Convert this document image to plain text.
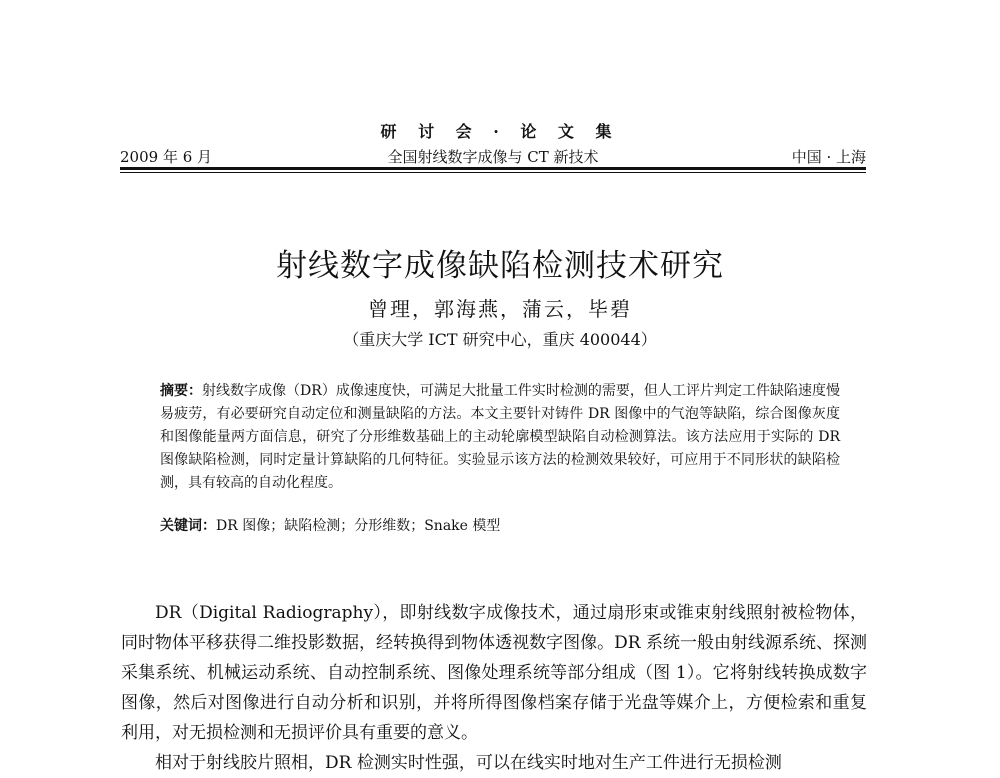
研 讨 会 · 论 文 集
2009 年 6 月	全国射线数字成像与 CT 新技术	中国 · 上海
射线数字成像缺陷检测技术研究
曾理，郭海燕，蒲云，毕碧
（重庆大学 ICT 研究中心，重庆 400044）
摘要：射线数字成像（DR）成像速度快，可满足大批量工件实时检测的需要，但人工评片判定工件缺陷速度慢易疲劳，有必要研究自动定位和测量缺陷的方法。本文主要针对铸件 DR 图像中的气泡等缺陷，综合图像灰度和图像能量两方面信息，研究了分形维数基础上的主动轮廓模型缺陷自动检测算法。该方法应用于实际的 DR 图像缺陷检测，同时定量计算缺陷的几何特征。实验显示该方法的检测效果较好，可应用于不同形状的缺陷检测，具有较高的自动化程度。
关键词：DR 图像；缺陷检测；分形维数；Snake 模型

DR（Digital Radiography），即射线数字成像技术，通过扇形束或锥束射线照射被检物体，同时物体平移获得二维投影数据，经转换得到物体透视数字图像。DR 系统一般由射线源系统、探测采集系统、机械运动系统、自动控制系统、图像处理系统等部分组成（图 1）。它将射线转换成数字图像，然后对图像进行自动分析和识别，并将所得图像档案存储于光盘等媒介上，方便检索和重复利用，对无损检测和无损评价具有重要的意义。

相对于射线胶片照相，DR 检测实时性强，可以在线实时地对生产工件进行无损检测
